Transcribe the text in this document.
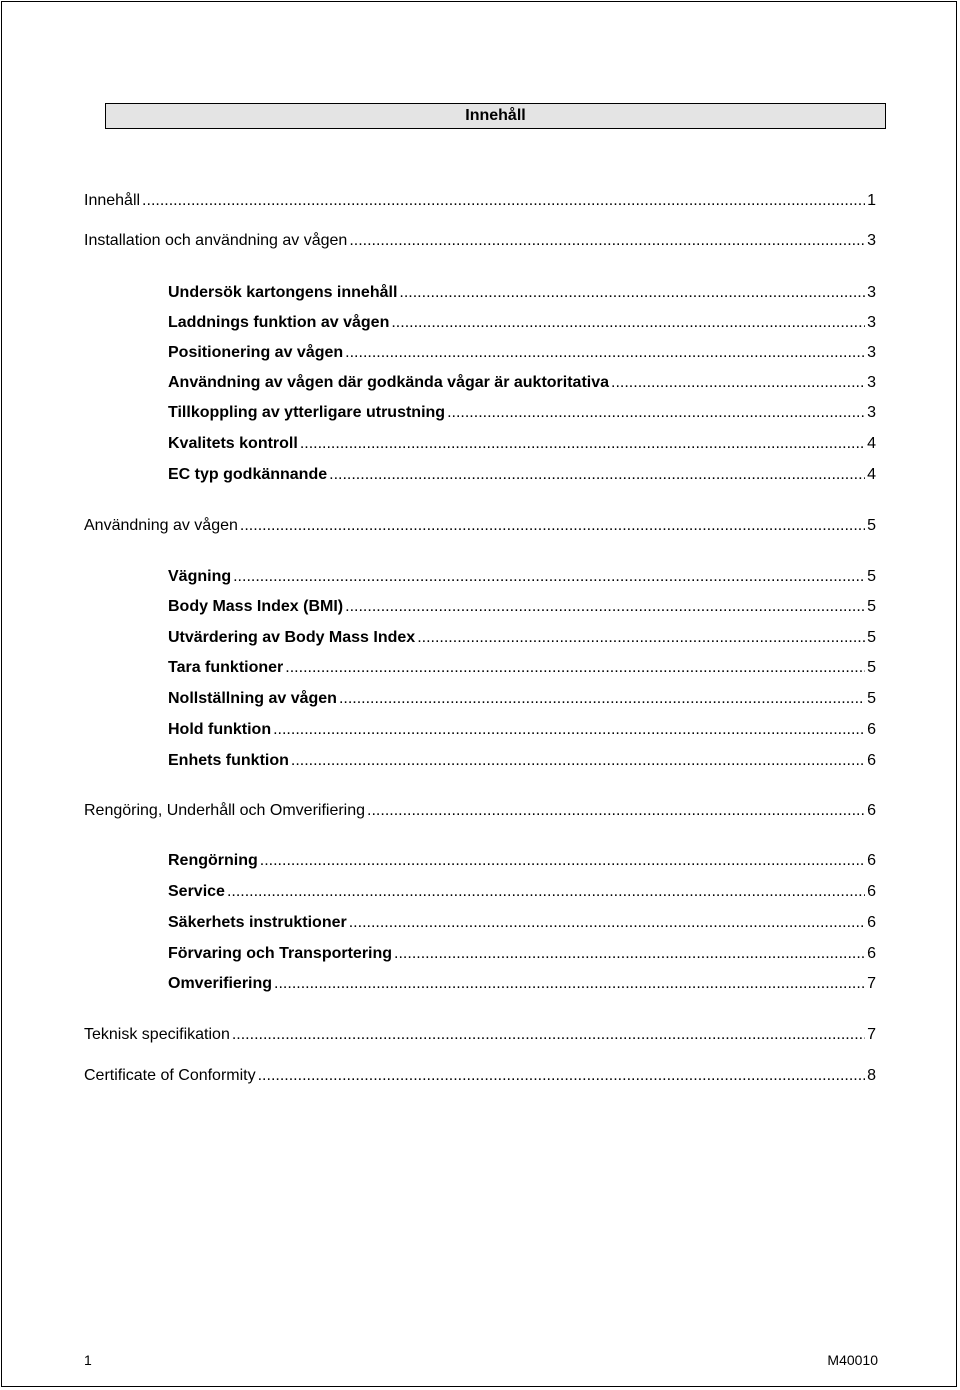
Innehåll
Innehåll .....	1
Installation och användning av vågen .....	3
Undersök kartongens innehåll .....	3
Laddnings funktion av vågen .....	3
Positionering av vågen .....	3
Användning av vågen där godkända vågar är auktoritativa .....	3
Tillkoppling av ytterligare utrustning .....	3
Kvalitets kontroll .....	4
EC typ godkännande .....	4
Användning av vågen .....	5
Vägning .....	5
Body Mass Index (BMI) .....	5
Utvärdering av Body Mass Index .....	5
Tara funktioner .....	5
Nollställning av vågen .....	5
Hold funktion .....	6
Enhets funktion .....	6
Rengöring, Underhåll och Omverifiering .....	6
Rengörning .....	6
Service .....	6
Säkerhets instruktioner .....	6
Förvaring och Transportering .....	6
Omverifiering .....	7
Teknisk specifikation .....	7
Certificate of Conformity .....	8
1	M40010
